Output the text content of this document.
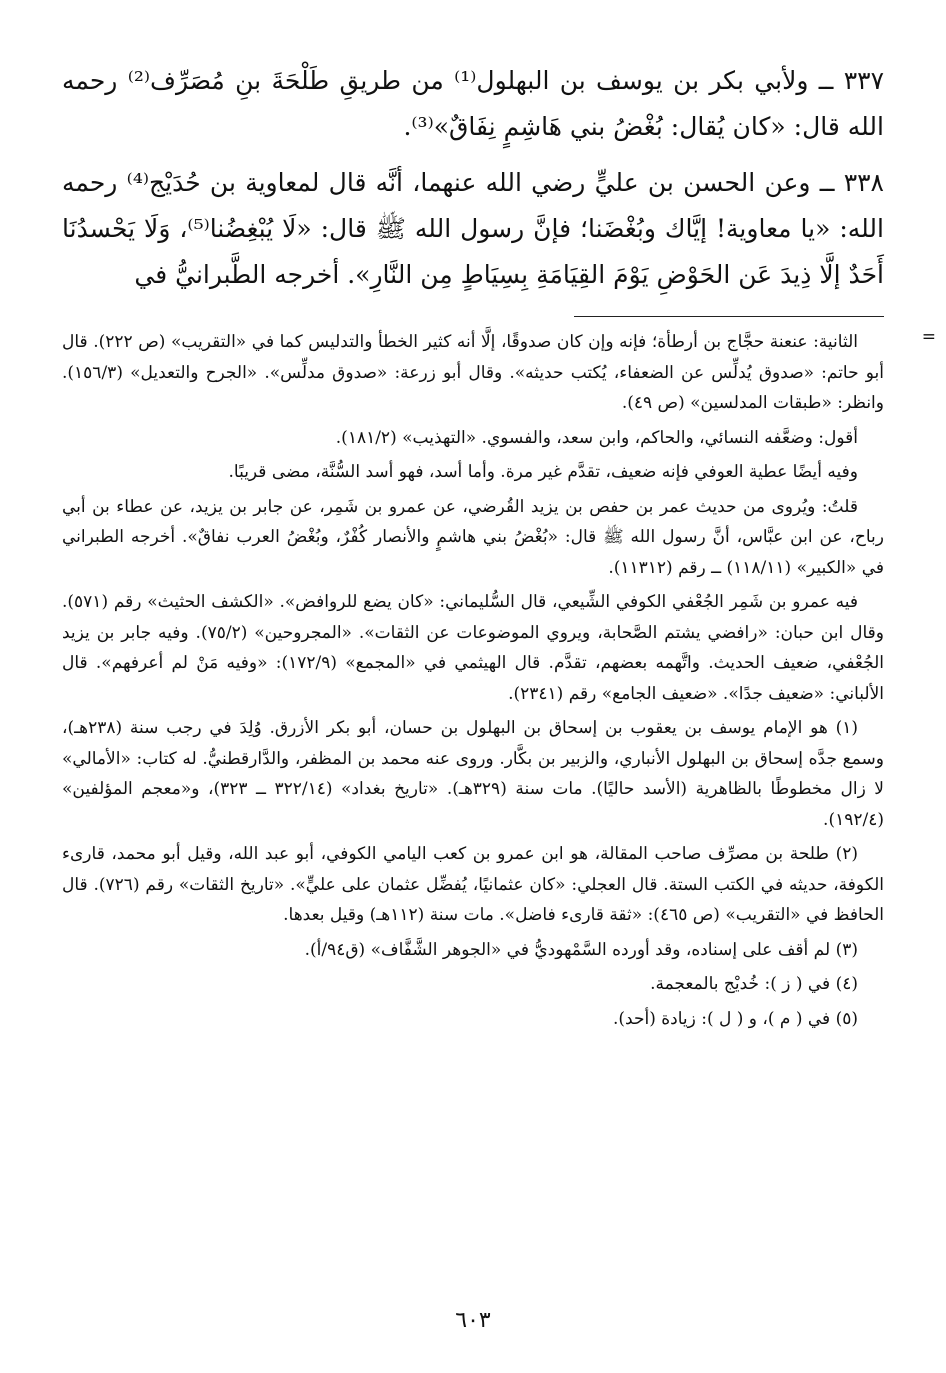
٣٣٧ ــ ولأبي بكر بن يوسف بن البهلول⁽¹⁾ من طريقِ طَلْحَةَ بنِ مُصَرِّف⁽²⁾ رحمه الله قال: «كان يُقال: بُغْضُ بني هَاشِمٍ نِفَاقٌ»⁽³⁾.

٣٣٨ ــ وعن الحسن بن عليٍّ رضي الله عنهما، أنَّه قال لمعاوية بن حُدَيْج⁽⁴⁾ رحمه الله: «يا معاوية! إيَّاك وبُغْضَنا؛ فإنَّ رسول الله ﷺ قال: «لَا يُبْغِضُنا⁽⁵⁾، وَلَا يَحْسدُنَا أَحَدٌ إلَّا ذِيدَ عَن الحَوْضِ يَوْمَ القِيَامَةِ بِسِيَاطٍ مِن النَّارِ». أخرجه الطَّبرانيُّ في

=

الثانية: عنعنة حجَّاج بن أرطأة؛ فإنه وإن كان صدوقًا، إلَّا أنه كثير الخطأ والتدليس كما في «التقريب» (ص ٢٢٢). قال أبو حاتم: «صدوق يُدلِّس عن الضعفاء، يُكتب حديثه». وقال أبو زرعة: «صدوق مدلِّس». «الجرح والتعديل» (١٥٦/٣). وانظر: «طبقات المدلسين» (ص ٤٩).

أقول: وضعَّفه النسائي، والحاكم، وابن سعد، والفسوي. «التهذيب» (١٨١/٢).

وفيه أيضًا عطية العوفي فإنه ضعيف، تقدَّم غير مرة. وأما أسد، فهو أسد السُّنَّة، مضى قريبًا.

قلتُ: ويُروى من حديث عمر بن حفص بن يزيد القُرضي، عن عمرو بن شَمِر، عن جابر بن يزيد، عن عطاء بن أبي رباح، عن ابن عبَّاس، أنَّ رسول الله ﷺ قال: «بُغْضُ بني هاشمٍ والأنصار كُفْرٌ، وبُغْضُ العرب نفاقٌ». أخرجه الطبراني في «الكبير» (١١٨/١١) ــ رقم (١١٣١٢).

فيه عمرو بن شَمِر الجُعْفي الكوفي الشِّيعي، قال السُّليماني: «كان يضع للروافض». «الكشف الحثيث» رقم (٥٧١). وقال ابن حبان: «رافضي يشتم الصَّحابة، ويروي الموضوعات عن الثقات». «المجروحين» (٧٥/٢). وفيه جابر بن يزيد الجُعْفي، ضعيف الحديث. واتَّهمه بعضهم، تقدَّم. قال الهيثمي في «المجمع» (١٧٢/٩): «وفيه مَنْ لم أعرفهم». قال الألباني: «ضعيف جدًا». «ضعيف الجامع» رقم (٢٣٤١).

(١) هو الإمام يوسف بن يعقوب بن إسحاق بن البهلول بن حسان، أبو بكر الأزرق. وُلِدَ في رجب سنة (٢٣٨هـ)، وسمع جدَّه إسحاق بن البهلول الأنباري، والزبير بن بكَّار. وروى عنه محمد بن المظفر، والدَّارقطنيُّ. له كتاب: «الأمالي» لا زال مخطوطًا بالظاهرية (الأسد حاليًا). مات سنة (٣٢٩هـ). «تاريخ بغداد» (٣٢٢/١٤ ــ ٣٢٣)، و«معجم المؤلفين» (١٩٢/٤).

(٢) طلحة بن مصرِّف صاحب المقالة، هو ابن عمرو بن كعب اليامي الكوفي، أبو عبد الله، وقيل أبو محمد، قارىء الكوفة، حديثه في الكتب الستة. قال العجلي: «كان عثمانيًا، يُفضِّل عثمان على عليٍّ». «تاريخ الثقات» رقم (٧٢٦). قال الحافظ في «التقريب» (ص ٤٦٥): «ثقة قارىء فاضل». مات سنة (١١٢هـ) وقيل بعدها.

(٣) لم أقف على إسناده، وقد أورده السَّمْهوديُّ في «الجوهر الشَّفَّاف» (ق٩٤/أ).

(٤) في ( ز ): خُديْج بالمعجمة.

(٥) في ( م )، و ( ل ): زيادة (أحد).

٦٠٣
